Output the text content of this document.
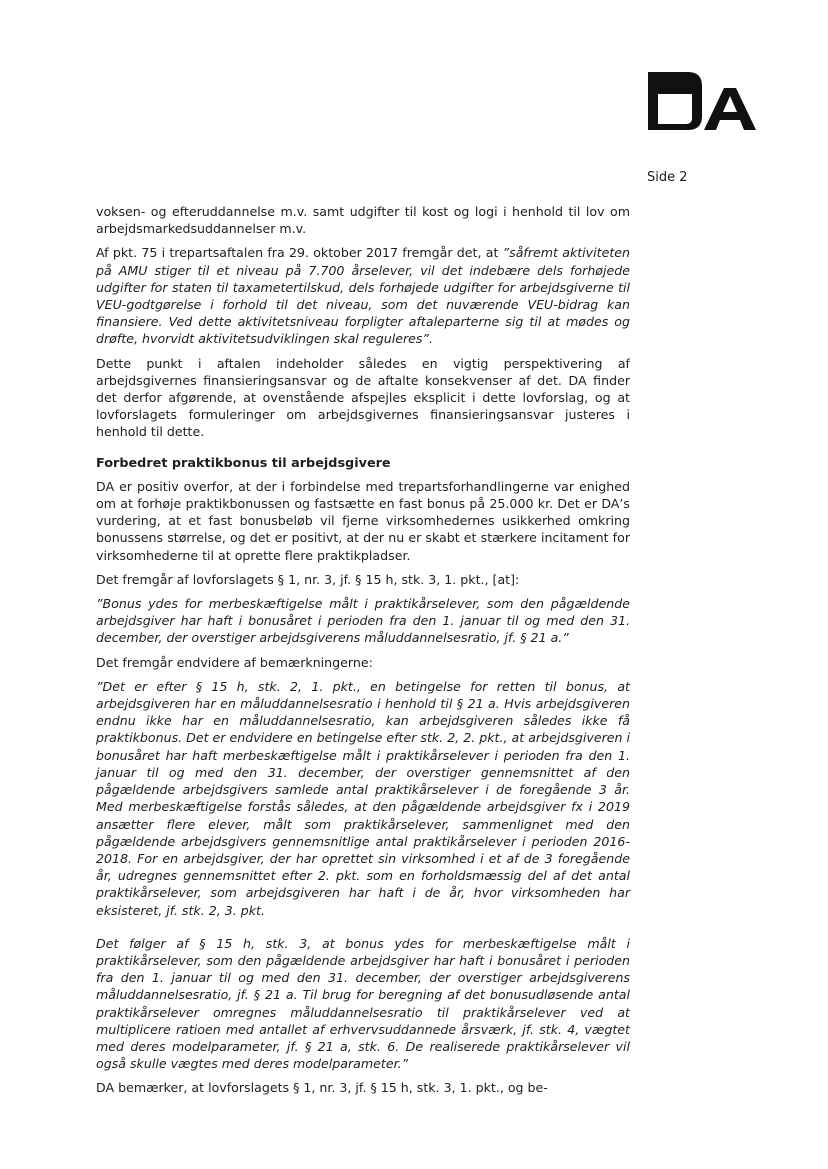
Side 2

voksen- og efteruddannelse m.v. samt udgifter til kost og logi i henhold til lov om arbejdsmarkedsuddannelser m.v.

Af pkt. 75 i trepartsaftalen fra 29. oktober 2017 fremgår det, at ”såfremt aktiviteten på AMU stiger til et niveau på 7.700 årselever, vil det indebære dels forhøjede udgifter for staten til taxametertilskud, dels forhøjede udgifter for arbejdsgiverne til VEU-godtgørelse i forhold til det niveau, som det nuværende VEU-bidrag kan finansiere. Ved dette aktivitetsniveau forpligter aftaleparterne sig til at mødes og drøfte, hvorvidt aktivitetsudviklingen skal reguleres”.

Dette punkt i aftalen indeholder således en vigtig perspektivering af arbejdsgivernes finansieringsansvar og de aftalte konsekvenser af det. DA finder det derfor afgørende, at ovenstående afspejles eksplicit i dette lovforslag, og at lovforslagets formuleringer om arbejdsgivernes finansieringsansvar justeres i henhold til dette.

Forbedret praktikbonus til arbejdsgivere

DA er positiv overfor, at der i forbindelse med trepartsforhandlingerne var enighed om at forhøje praktikbonussen og fastsætte en fast bonus på 25.000 kr. Det er DA’s vurdering, at et fast bonusbeløb vil fjerne virksomhedernes usikkerhed omkring bonussens størrelse, og det er positivt, at der nu er skabt et stærkere incitament for virksomhederne til at oprette flere praktikpladser.

Det fremgår af lovforslagets § 1, nr. 3, jf. § 15 h, stk. 3, 1. pkt., [at]:

”Bonus ydes for merbeskæftigelse målt i praktikårselever, som den pågældende arbejdsgiver har haft i bonusåret i perioden fra den 1. januar til og med den 31. december, der overstiger arbejdsgiverens måluddannelsesratio, jf. § 21 a.”

Det fremgår endvidere af bemærkningerne:

”Det er efter § 15 h, stk. 2, 1. pkt., en betingelse for retten til bonus, at arbejdsgiveren har en måluddannelsesratio i henhold til § 21 a. Hvis arbejdsgiveren endnu ikke har en måluddannelsesratio, kan arbejdsgiveren således ikke få praktikbonus. Det er endvidere en betingelse efter stk. 2, 2. pkt., at arbejdsgiveren i bonusåret har haft merbeskæftigelse målt i praktikårselever i perioden fra den 1. januar til og med den 31. december, der overstiger gennemsnittet af den pågældende arbejdsgivers samlede antal praktikårselever i de foregående 3 år. Med merbeskæftigelse forstås således, at den pågældende arbejdsgiver fx i 2019 ansætter flere elever, målt som praktikårselever, sammenlignet med den pågældende arbejdsgivers gennemsnitlige antal praktikårselever i perioden 2016-2018. For en arbejdsgiver, der har oprettet sin virksomhed i et af de 3 foregående år, udregnes gennemsnittet efter 2. pkt. som en forholdsmæssig del af det antal praktikårselever, som arbejdsgiveren har haft i de år, hvor virksomheden har eksisteret, jf. stk. 2, 3. pkt.

Det følger af § 15 h, stk. 3, at bonus ydes for merbeskæftigelse målt i praktikårselever, som den pågældende arbejdsgiver har haft i bonusåret i perioden fra den 1. januar til og med den 31. december, der overstiger arbejdsgiverens måluddannelsesratio, jf. § 21 a. Til brug for beregning af det bonusudløsende antal praktikårselever omregnes måluddannelsesratio til praktikårselever ved at multiplicere ratioen med antallet af erhvervsuddannede årsværk, jf. stk. 4, vægtet med deres modelparameter, jf. § 21 a, stk. 6. De realiserede praktikårselever vil også skulle vægtes med deres modelparameter.”

DA bemærker, at lovforslagets § 1, nr. 3, jf. § 15 h, stk. 3, 1. pkt., og be-
